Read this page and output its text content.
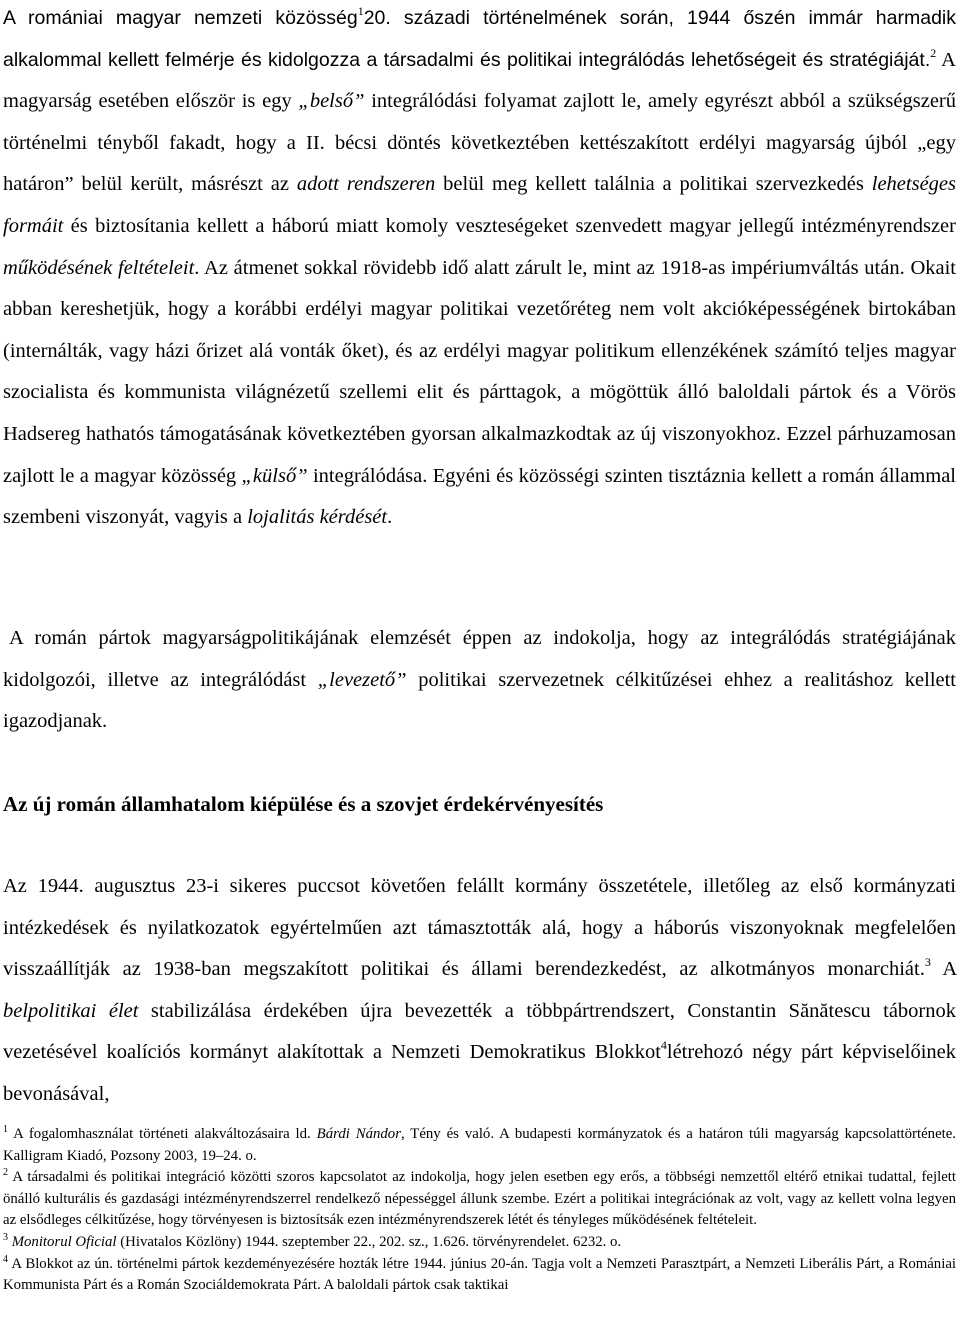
A romániai magyar nemzeti közösség$^1$20. századi történelmének során, 1944 őszén immár harmadik alkalommal kellett felmérje és kidolgozza a társadalmi és politikai integrálódás lehetőségeit és stratégiáját.$^2$ A magyarság esetében először is egy „belső” integrálódási folyamat zajlott le, amely egyrészt abból a szükségszerű történelmi tényből fakadt, hogy a II. bécsi döntés következtében kettészakított erdélyi magyarság újból „egy határon” belül került, másrészt az adott rendszeren belül meg kellett találnia a politikai szervezkedés lehetséges formáit és biztosítania kellett a háború miatt komoly veszteségeket szenvedett magyar jellegű intézményrendszer működésének feltételeit. Az átmenet sokkal rövidebb idő alatt zárult le, mint az 1918-as impériumváltás után. Okait abban kereshetjük, hogy a korábbi erdélyi magyar politikai vezetőréteg nem volt akcióképességének birtokában (internálták, vagy házi őrizet alá vonták őket), és az erdélyi magyar politikum ellenzékének számító teljes magyar szocialista és kommunista világnézetű szellemi elit és párttagok, a mögöttük álló baloldali pártok és a Vörös Hadsereg hathatós támogatásának következtében gyorsan alkalmazkodtak az új viszonyokhoz. Ezzel párhuzamosan zajlott le a magyar közösség „külső” integrálódása. Egyéni és közösségi szinten tisztáznia kellett a román állammal szembeni viszonyát, vagyis a lojalitás kérdését.

A román pártok magyarságpolitikájának elemzését éppen az indokolja, hogy az integrálódás stratégiájának kidolgozói, illetve az integrálódást „levezető” politikai szervezetnek célkitűzései ehhez a realitáshoz kellett igazodjanak.

Az új román államhatalom kiépülése és a szovjet érdekérvényesítés

Az 1944. augusztus 23-i sikeres puccsot követően felállt kormány összetétele, illetőleg az első kormányzati intézkedések és nyilatkozatok egyértelműen azt támasztották alá, hogy a háborús viszonyoknak megfelelően visszaállítják az 1938-ban megszakított politikai és állami berendezkedést, az alkotmányos monarchiát.$^3$ A belpolitikai élet stabilizálása érdekében újra bevezették a többpártrendszert, Constantin Sănătescu tábornok vezetésével koalíciós kormányt alakítottak a Nemzeti Demokratikus Blokkot$^4$létrehozó négy párt képviselőinek bevonásával,

$^1$ A fogalomhasználat történeti alakváltozásaira ld. Bárdi Nándor, Tény és való. A budapesti kormányzatok és a határon túli magyarság kapcsolattörténete. Kalligram Kiadó, Pozsony 2003, 19–24. o.

$^2$ A társadalmi és politikai integráció közötti szoros kapcsolatot az indokolja, hogy jelen esetben egy erős, a többségi nemzettől eltérő etnikai tudattal, fejlett önálló kulturális és gazdasági intézményrendszerrel rendelkező népességgel állunk szembe. Ezért a politikai integrációnak az volt, vagy az kellett volna legyen az elsődleges célkitűzése, hogy törvényesen is biztosítsák ezen intézményrendszerek létét és tényleges működésének feltételeit.

$^3$ Monitorul Oficial (Hivatalos Közlöny) 1944. szeptember 22., 202. sz., 1.626. törvényrendelet. 6232. o.

$^4$ A Blokkot az ún. történelmi pártok kezdeményezésére hozták létre 1944. június 20-án. Tagja volt a Nemzeti Parasztpárt, a Nemzeti Liberális Párt, a Romániai Kommunista Párt és a Román Szociáldemokrata Párt. A baloldali pártok csak taktikai
